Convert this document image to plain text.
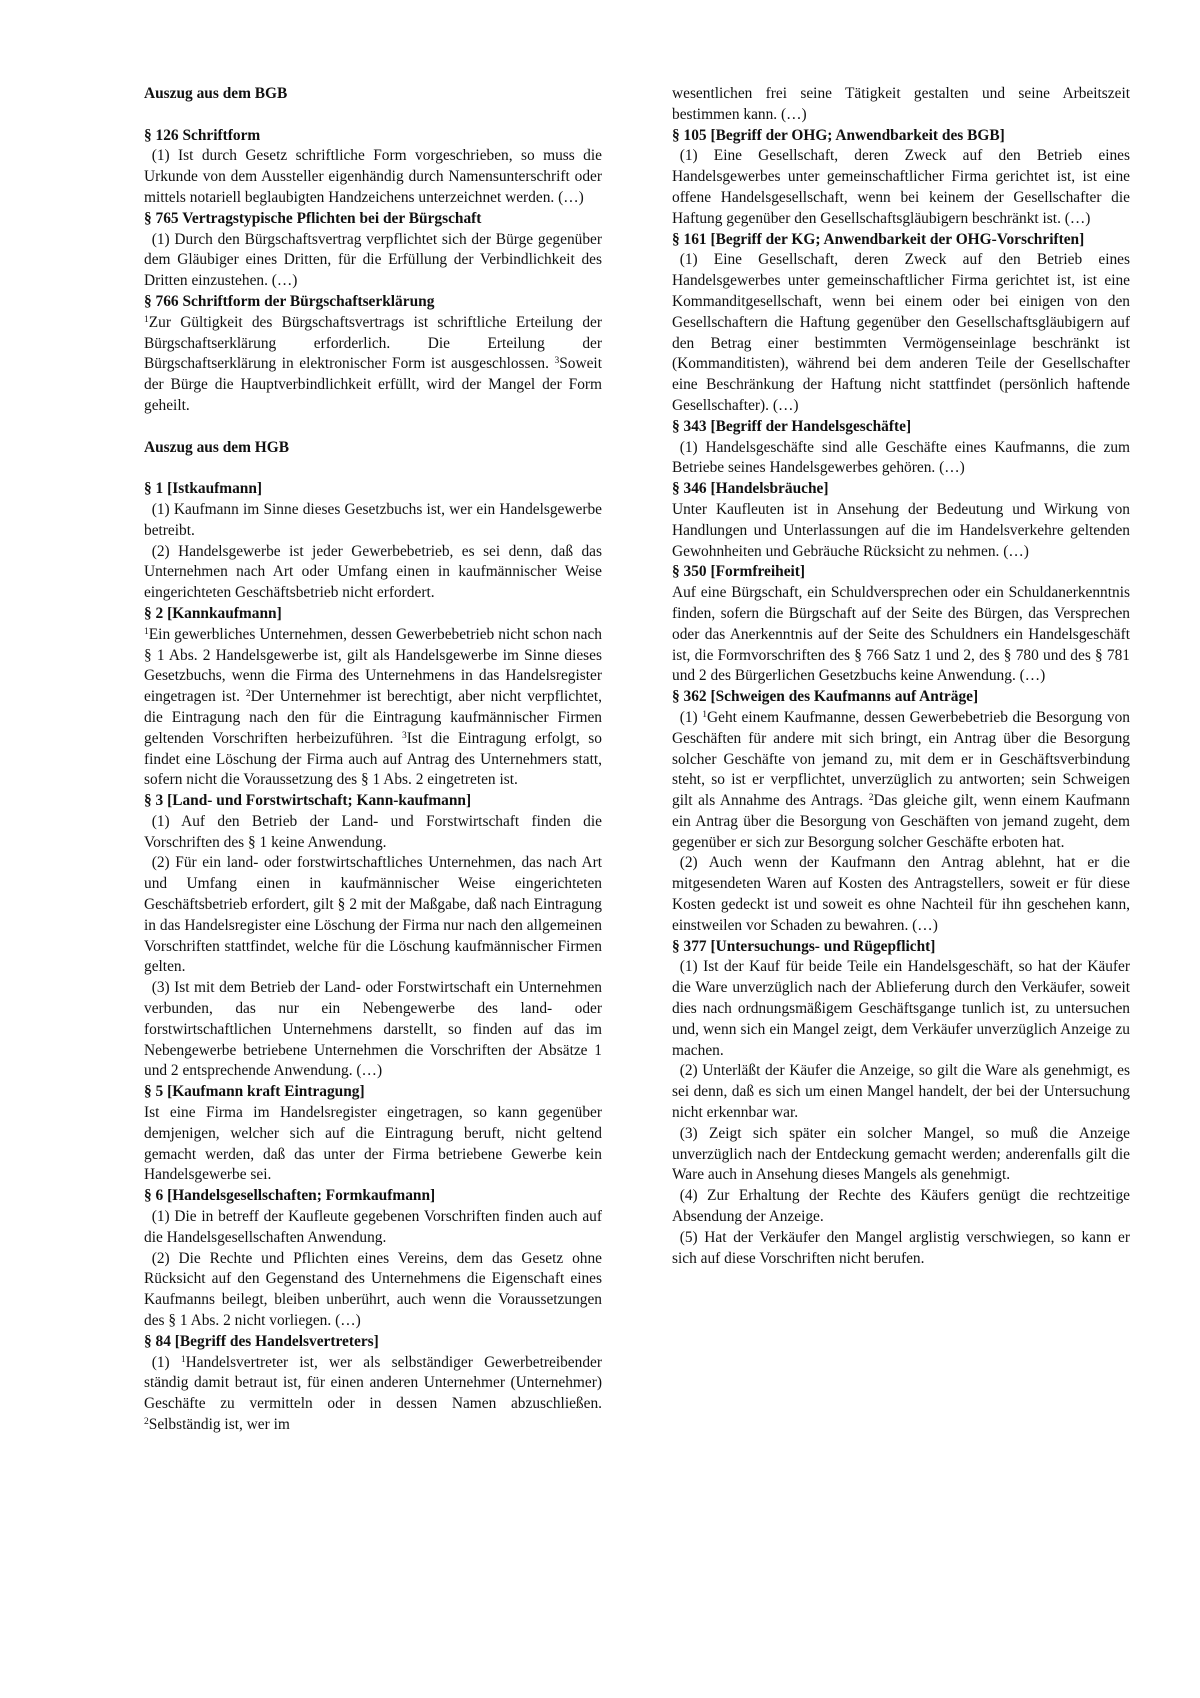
Auszug aus dem BGB
§ 126 Schriftform
(1) Ist durch Gesetz schriftliche Form vorgeschrieben, so muss die Urkunde von dem Aussteller eigenhändig durch Namensunterschrift oder mittels notariell beglaubigten Handzeichens unterzeichnet werden. (…)
§ 765 Vertragstypische Pflichten bei der Bürgschaft
(1) Durch den Bürgschaftsvertrag verpflichtet sich der Bürge gegenüber dem Gläubiger eines Dritten, für die Erfüllung der Verbindlichkeit des Dritten einzustehen. (…)
§ 766 Schriftform der Bürgschaftserklärung
$^1$Zur Gültigkeit des Bürgschaftsvertrags ist schriftliche Erteilung der Bürgschaftserklärung erforderlich. Die Erteilung der Bürgschaftserklärung in elektronischer Form ist ausgeschlossen. $^3$Soweit der Bürge die Hauptverbindlichkeit erfüllt, wird der Mangel der Form geheilt.
Auszug aus dem HGB
§ 1 [Istkaufmann]
(1) Kaufmann im Sinne dieses Gesetzbuchs ist, wer ein Handelsgewerbe betreibt.
(2) Handelsgewerbe ist jeder Gewerbebetrieb, es sei denn, daß das Unternehmen nach Art oder Umfang einen in kaufmännischer Weise eingerichteten Geschäftsbetrieb nicht erfordert.
§ 2 [Kannkaufmann]
$^1$Ein gewerbliches Unternehmen, dessen Gewerbebetrieb nicht schon nach § 1 Abs. 2 Handelsgewerbe ist, gilt als Handelsgewerbe im Sinne dieses Gesetzbuchs, wenn die Firma des Unternehmens in das Handelsregister eingetragen ist. $^2$Der Unternehmer ist berechtigt, aber nicht verpflichtet, die Eintragung nach den für die Eintragung kaufmännischer Firmen geltenden Vorschriften herbeizuführen. $^3$Ist die Eintragung erfolgt, so findet eine Löschung der Firma auch auf Antrag des Unternehmers statt, sofern nicht die Voraussetzung des § 1 Abs. 2 eingetreten ist.
§ 3 [Land- und Forstwirtschaft; Kann-kaufmann]
(1) Auf den Betrieb der Land- und Forstwirtschaft finden die Vorschriften des § 1 keine Anwendung.
(2) Für ein land- oder forstwirtschaftliches Unternehmen, das nach Art und Umfang einen in kaufmännischer Weise eingerichteten Geschäftsbetrieb erfordert, gilt § 2 mit der Maßgabe, daß nach Eintragung in das Handelsregister eine Löschung der Firma nur nach den allgemeinen Vorschriften stattfindet, welche für die Löschung kaufmännischer Firmen gelten.
(3) Ist mit dem Betrieb der Land- oder Forstwirtschaft ein Unternehmen verbunden, das nur ein Nebengewerbe des land- oder forstwirtschaftlichen Unternehmens darstellt, so finden auf das im Nebengewerbe betriebene Unternehmen die Vorschriften der Absätze 1 und 2 entsprechende Anwendung. (…)
§ 5 [Kaufmann kraft Eintragung]
Ist eine Firma im Handelsregister eingetragen, so kann gegenüber demjenigen, welcher sich auf die Eintragung beruft, nicht geltend gemacht werden, daß das unter der Firma betriebene Gewerbe kein Handelsgewerbe sei.
§ 6 [Handelsgesellschaften; Formkaufmann]
(1) Die in betreff der Kaufleute gegebenen Vorschriften finden auch auf die Handelsgesellschaften Anwendung.
(2) Die Rechte und Pflichten eines Vereins, dem das Gesetz ohne Rücksicht auf den Gegenstand des Unternehmens die Eigenschaft eines Kaufmanns beilegt, bleiben unberührt, auch wenn die Voraussetzungen des § 1 Abs. 2 nicht vorliegen. (…)
§ 84 [Begriff des Handelsvertreters]
(1) $^1$Handelsvertreter ist, wer als selbständiger Gewerbetreibender ständig damit betraut ist, für einen anderen Unternehmer (Unternehmer) Geschäfte zu vermitteln oder in dessen Namen abzuschließen. $^2$Selbständig ist, wer im
wesentlichen frei seine Tätigkeit gestalten und seine Arbeitszeit bestimmen kann. (…)
§ 105 [Begriff der OHG; Anwendbarkeit des BGB]
(1) Eine Gesellschaft, deren Zweck auf den Betrieb eines Handelsgewerbes unter gemeinschaftlicher Firma gerichtet ist, ist eine offene Handelsgesellschaft, wenn bei keinem der Gesellschafter die Haftung gegenüber den Gesellschaftsgläubigern beschränkt ist. (…)
§ 161 [Begriff der KG; Anwendbarkeit der OHG-Vorschriften]
(1) Eine Gesellschaft, deren Zweck auf den Betrieb eines Handelsgewerbes unter gemeinschaftlicher Firma gerichtet ist, ist eine Kommanditgesellschaft, wenn bei einem oder bei einigen von den Gesellschaftern die Haftung gegenüber den Gesellschaftsgläubigern auf den Betrag einer bestimmten Vermögenseinlage beschränkt ist (Kommanditisten), während bei dem anderen Teile der Gesellschafter eine Beschränkung der Haftung nicht stattfindet (persönlich haftende Gesellschafter). (…)
§ 343 [Begriff der Handelsgeschäfte]
(1) Handelsgeschäfte sind alle Geschäfte eines Kaufmanns, die zum Betriebe seines Handelsgewerbes gehören. (…)
§ 346 [Handelsbräuche]
Unter Kaufleuten ist in Ansehung der Bedeutung und Wirkung von Handlungen und Unterlassungen auf die im Handelsverkehre geltenden Gewohnheiten und Gebräuche Rücksicht zu nehmen. (…)
§ 350 [Formfreiheit]
Auf eine Bürgschaft, ein Schuldversprechen oder ein Schuldanerkenntnis finden, sofern die Bürgschaft auf der Seite des Bürgen, das Versprechen oder das Anerkenntnis auf der Seite des Schuldners ein Handelsgeschäft ist, die Formvorschriften des § 766 Satz 1 und 2, des § 780 und des § 781 und 2 des Bürgerlichen Gesetzbuchs keine Anwendung. (…)
§ 362 [Schweigen des Kaufmanns auf Anträge]
(1) $^1$Geht einem Kaufmanne, dessen Gewerbebetrieb die Besorgung von Geschäften für andere mit sich bringt, ein Antrag über die Besorgung solcher Geschäfte von jemand zu, mit dem er in Geschäftsverbindung steht, so ist er verpflichtet, unverzüglich zu antworten; sein Schweigen gilt als Annahme des Antrags. $^2$Das gleiche gilt, wenn einem Kaufmann ein Antrag über die Besorgung von Geschäften von jemand zugeht, dem gegenüber er sich zur Besorgung solcher Geschäfte erboten hat.
(2) Auch wenn der Kaufmann den Antrag ablehnt, hat er die mitgesendeten Waren auf Kosten des Antragstellers, soweit er für diese Kosten gedeckt ist und soweit es ohne Nachteil für ihn geschehen kann, einstweilen vor Schaden zu bewahren. (…)
§ 377 [Untersuchungs- und Rügepflicht]
(1) Ist der Kauf für beide Teile ein Handelsgeschäft, so hat der Käufer die Ware unverzüglich nach der Ablieferung durch den Verkäufer, soweit dies nach ordnungsmäßigem Geschäftsgange tunlich ist, zu untersuchen und, wenn sich ein Mangel zeigt, dem Verkäufer unverzüglich Anzeige zu machen.
(2) Unterläßt der Käufer die Anzeige, so gilt die Ware als genehmigt, es sei denn, daß es sich um einen Mangel handelt, der bei der Untersuchung nicht erkennbar war.
(3) Zeigt sich später ein solcher Mangel, so muß die Anzeige unverzüglich nach der Entdeckung gemacht werden; anderenfalls gilt die Ware auch in Ansehung dieses Mangels als genehmigt.
(4) Zur Erhaltung der Rechte des Käufers genügt die rechtzeitige Absendung der Anzeige.
(5) Hat der Verkäufer den Mangel arglistig verschwiegen, so kann er sich auf diese Vorschriften nicht berufen.
